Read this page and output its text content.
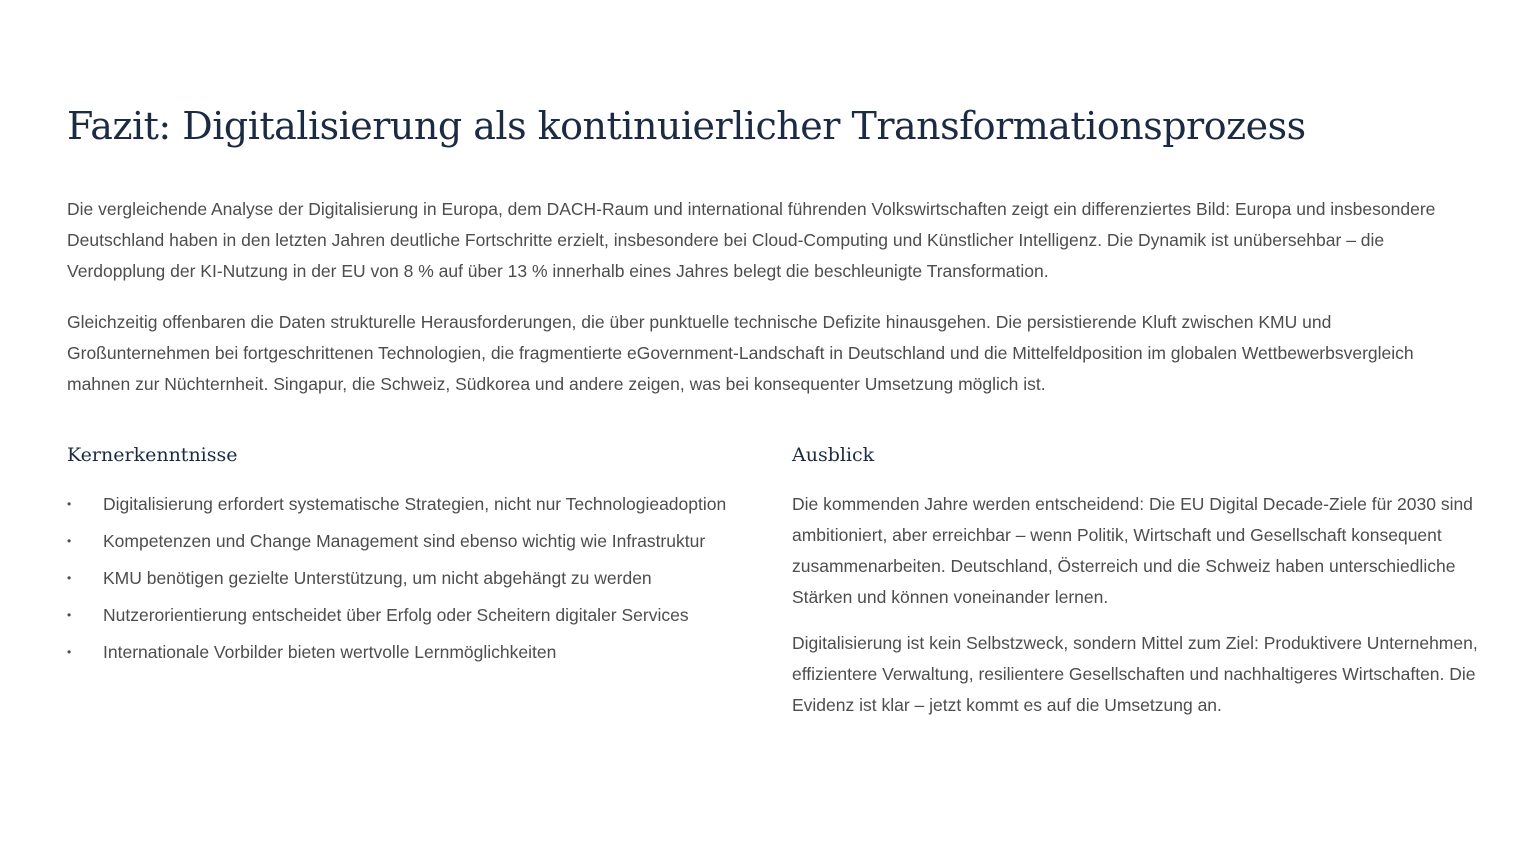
Fazit: Digitalisierung als kontinuierlicher Transformationsprozess

Die vergleichende Analyse der Digitalisierung in Europa, dem DACH-Raum und international führenden Volkswirtschaften zeigt ein differenziertes Bild: Europa und insbesondere Deutschland haben in den letzten Jahren deutliche Fortschritte erzielt, insbesondere bei Cloud-Computing und Künstlicher Intelligenz. Die Dynamik ist unübersehbar – die Verdopplung der KI-Nutzung in der EU von 8 % auf über 13 % innerhalb eines Jahres belegt die beschleunigte Transformation.

Gleichzeitig offenbaren die Daten strukturelle Herausforderungen, die über punktuelle technische Defizite hinausgehen. Die persistierende Kluft zwischen KMU und Großunternehmen bei fortgeschrittenen Technologien, die fragmentierte eGovernment-Landschaft in Deutschland und die Mittelfeldposition im globalen Wettbewerbsvergleich mahnen zur Nüchternheit. Singapur, die Schweiz, Südkorea und andere zeigen, was bei konsequenter Umsetzung möglich ist.

Kernerkenntnisse
• Digitalisierung erfordert systematische Strategien, nicht nur Technologieadoption
• Kompetenzen und Change Management sind ebenso wichtig wie Infrastruktur
• KMU benötigen gezielte Unterstützung, um nicht abgehängt zu werden
• Nutzerorientierung entscheidet über Erfolg oder Scheitern digitaler Services
• Internationale Vorbilder bieten wertvolle Lernmöglichkeiten
Ausblick

Die kommenden Jahre werden entscheidend: Die EU Digital Decade-Ziele für 2030 sind ambitioniert, aber erreichbar – wenn Politik, Wirtschaft und Gesellschaft konsequent zusammenarbeiten. Deutschland, Österreich und die Schweiz haben unterschiedliche Stärken und können voneinander lernen.

Digitalisierung ist kein Selbstzweck, sondern Mittel zum Ziel: Produktivere Unternehmen, effizientere Verwaltung, resilientere Gesellschaften und nachhaltigeres Wirtschaften. Die Evidenz ist klar – jetzt kommt es auf die Umsetzung an.
